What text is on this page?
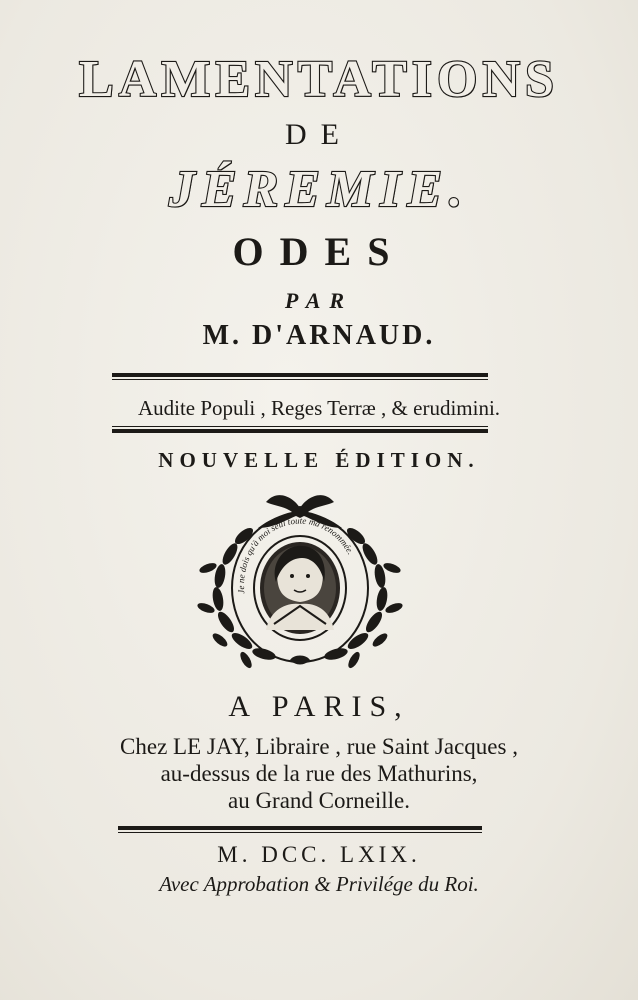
LAMENTATIONS
DE
JÉREMIE.
ODES
PAR
M. D'ARNAUD.
Audite Populi , Reges Terræ , & erudimini.
NOUVELLE ÉDITION.
Je ne dois qu'à moi seul toute ma renommée.
A PARIS,
Chez LE JAY, Libraire , rue Saint Jacques ,
au-dessus de la rue des Mathurins,
au Grand Corneille.
M. DCC. LXIX.
Avec Approbation & Privilége du Roi.
